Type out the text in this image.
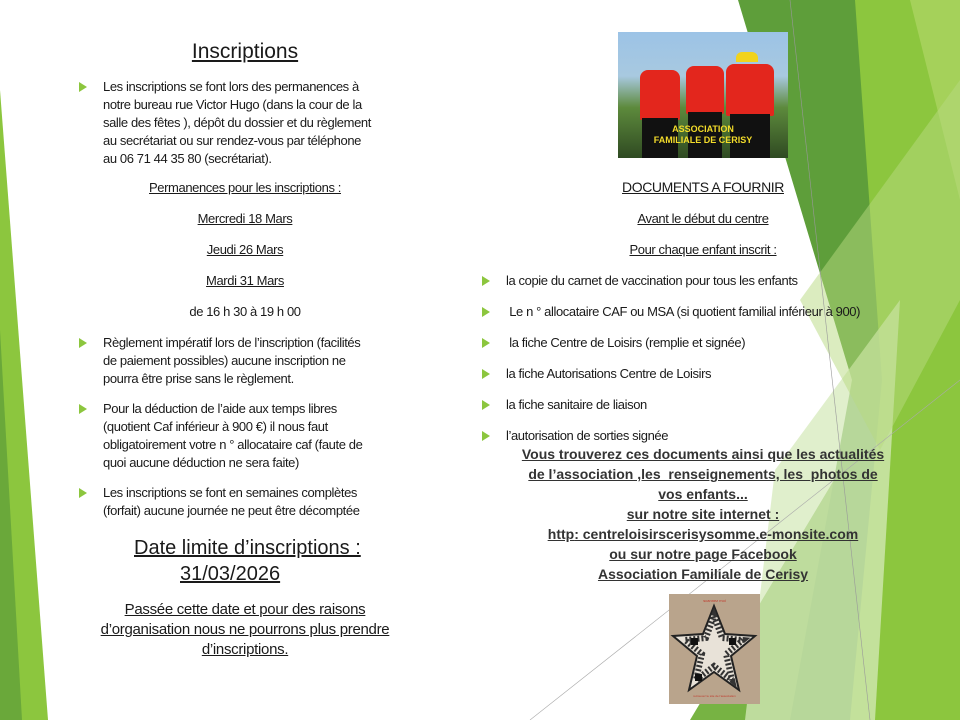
Inscriptions
Les inscriptions se font lors des permanences à
notre bureau rue Victor Hugo (dans la cour de la
salle des fêtes ), dépôt du dossier et du règlement
au secrétariat ou sur rendez-vous par téléphone
au 06 71 44 35 80 (secrétariat).
Permanences pour les inscriptions :
Mercredi 18 Mars
Jeudi 26 Mars
Mardi 31 Mars
de 16 h 30 à 19 h 00
Règlement impératif lors de l’inscription (facilités
de paiement possibles) aucune inscription ne
pourra être prise sans le règlement.
Pour la déduction de l’aide aux temps libres
(quotient Caf inférieur à 900 €) il nous faut
obligatoirement votre n ° allocataire caf (faute de
quoi aucune déduction ne sera faite)
Les inscriptions se font en semaines complètes
(forfait) aucune journée ne peut être décomptée
Date limite d’inscriptions :
31/03/2026
Passée cette date et pour des raisons
d’organisation nous ne pourrons plus prendre
d’inscriptions.
ASSOCIATION
FAMILIALE DE CERISY
DOCUMENTS A FOURNIR
Avant le début du centre
Pour chaque enfant inscrit :
la copie du carnet de vaccination pour tous les enfants
Le n ° allocataire CAF ou MSA (si quotient familial inférieur à 900)
la fiche Centre de Loisirs (remplie et signée)
la fiche Autorisations Centre de Loisirs
la fiche sanitaire de liaison
l’autorisation de sorties signée
Vous trouverez ces documents ainsi que les actualités
de l’association ,les  renseignements, les  photos de
vos enfants...
sur notre site internet :
http: centreloisirscerisysomme.e-monsite.com
ou sur notre page Facebook
Association Familiale de Cerisy
scannez moi
retrouvez le site de l'association
